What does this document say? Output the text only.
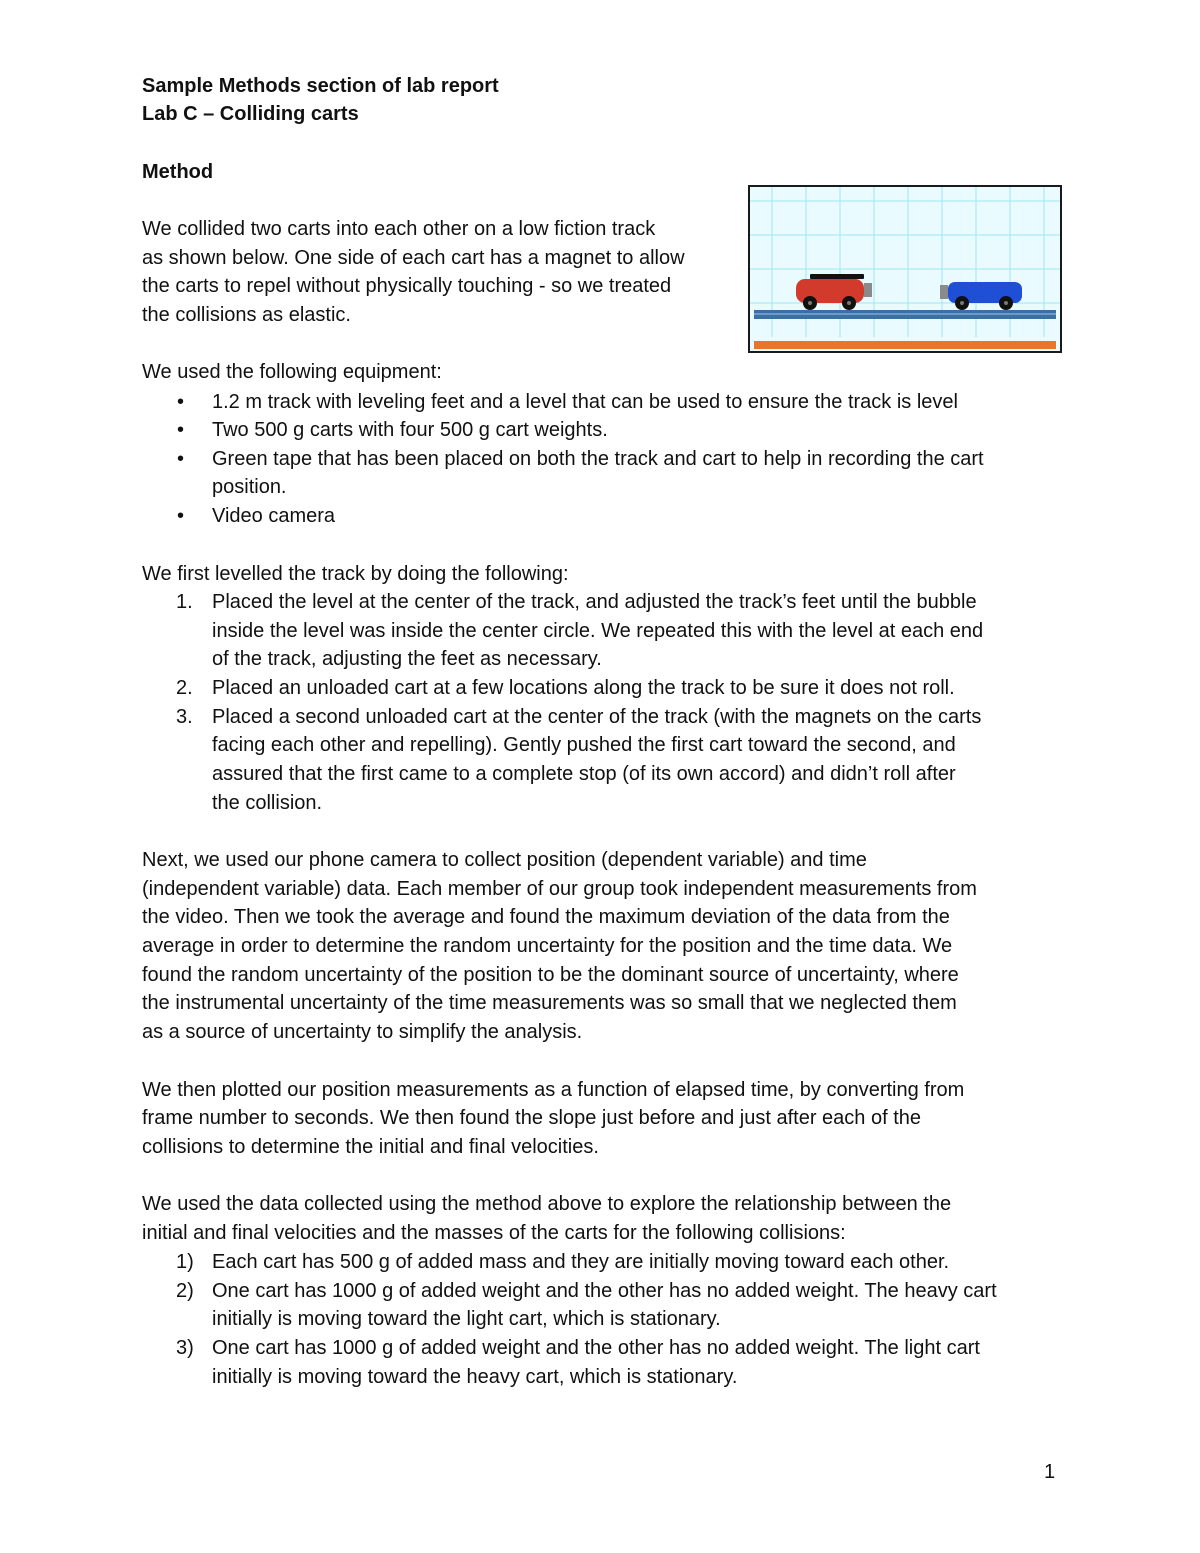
Sample Methods section of lab report
Lab C – Colliding carts
Method
We collided two carts into each other on a low fiction track
as shown below. One side of each cart has a magnet to allow
the carts to repel without physically touching - so we treated
the collisions as elastic.
We used the following equipment:
• 1.2 m track with leveling feet and a level that can be used to ensure the track is level
• Two 500 g carts with four 500 g cart weights.
• Green tape that has been placed on both the track and cart to help in recording the cart
position.
• Video camera
We first levelled the track by doing the following:
1. Placed the level at the center of the track, and adjusted the track’s feet until the bubble
inside the level was inside the center circle. We repeated this with the level at each end
of the track, adjusting the feet as necessary.
2. Placed an unloaded cart at a few locations along the track to be sure it does not roll.
3. Placed a second unloaded cart at the center of the track (with the magnets on the carts
facing each other and repelling). Gently pushed the first cart toward the second, and
assured that the first came to a complete stop (of its own accord) and didn’t roll after
the collision.
Next, we used our phone camera to collect position (dependent variable) and time
(independent variable) data. Each member of our group took independent measurements from
the video. Then we took the average and found the maximum deviation of the data from the
average in order to determine the random uncertainty for the position and the time data. We
found the random uncertainty of the position to be the dominant source of uncertainty, where
the instrumental uncertainty of the time measurements was so small that we neglected them
as a source of uncertainty to simplify the analysis.
We then plotted our position measurements as a function of elapsed time, by converting from
frame number to seconds. We then found the slope just before and just after each of the
collisions to determine the initial and final velocities.
We used the data collected using the method above to explore the relationship between the
initial and final velocities and the masses of the carts for the following collisions:
1) Each cart has 500 g of added mass and they are initially moving toward each other.
2) One cart has 1000 g of added weight and the other has no added weight. The heavy cart
initially is moving toward the light cart, which is stationary.
3) One cart has 1000 g of added weight and the other has no added weight. The light cart
initially is moving toward the heavy cart, which is stationary.
1
